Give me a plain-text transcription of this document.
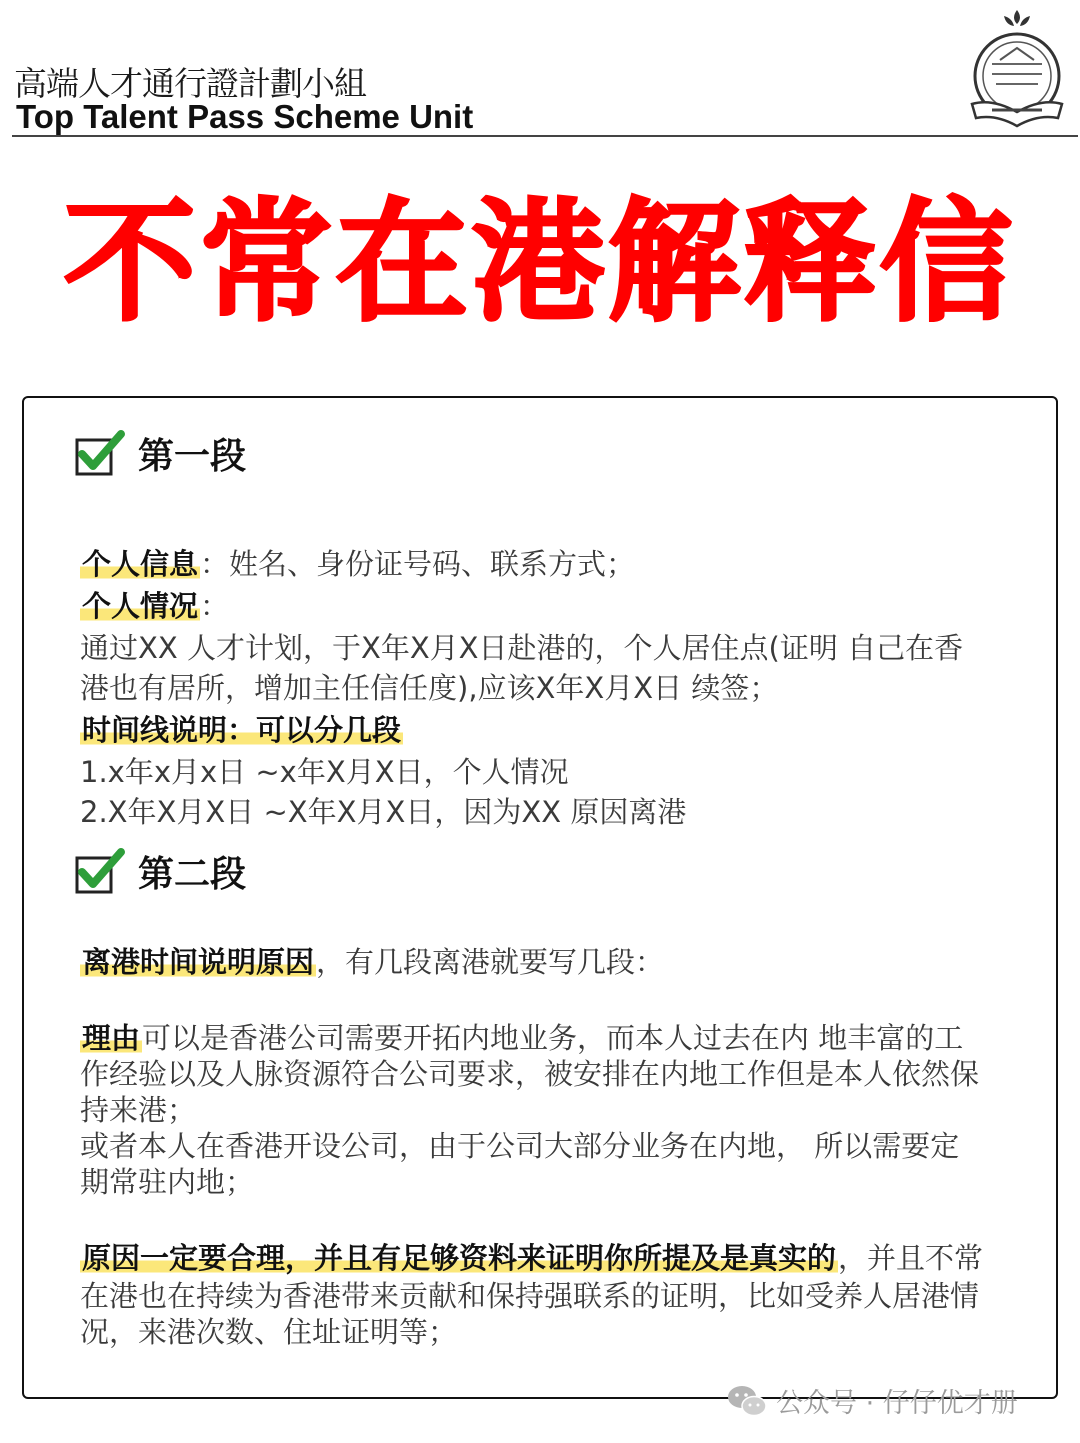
高端人才通行證計劃小組
Top Talent Pass Scheme Unit
不常在港解释信
第一段
个人信息：姓名、身份证号码、联系方式；
个人情况：
通过XX 人才计划，于X年X月X日赴港的，个人居住点(证明 自己在香
港也有居所，增加主任信任度),应该X年X月X日 续签；
时间线说明：可以分几段
1.x年x月x日 ~x年X月X日，个人情况
2.X年X月X日 ~X年X月X日，因为XX 原因离港
第二段
离港时间说明原因，有几段离港就要写几段：
理由可以是香港公司需要开拓内地业务，而本人过去在内 地丰富的工
作经验以及人脉资源符合公司要求，被安排在内地工作但是本人依然保
持来港；
或者本人在香港开设公司，由于公司大部分业务在内地， 所以需要定
期常驻内地；
原因一定要合理，并且有足够资料来证明你所提及是真实的，并且不常
在港也在持续为香港带来贡献和保持强联系的证明，比如受养人居港情
况，来港次数、住址证明等；
公众号 · 仔仔优才册
